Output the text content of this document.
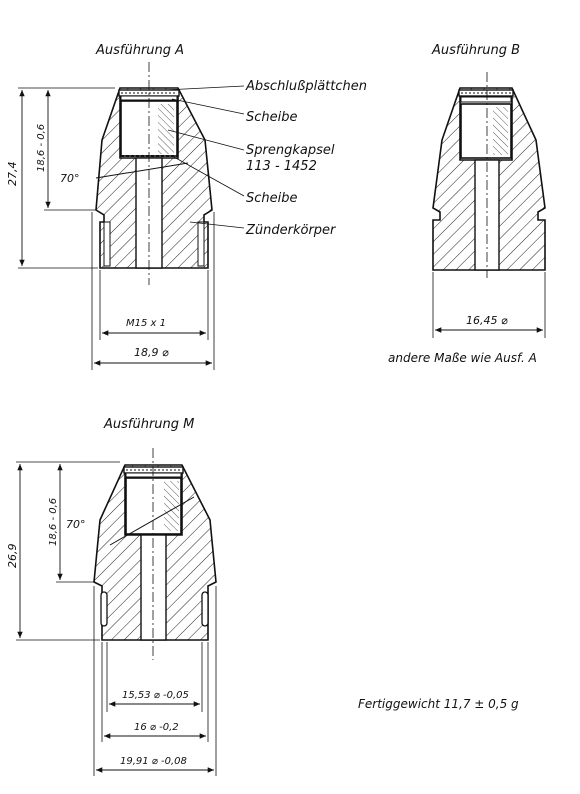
Ausführung A
Abschlußplättchen
Scheibe
Sprengkapsel
113 - 1452
Scheibe
Zünderkörper
70°
27,4
18,6 - 0,6
M15 x 1
18,9 ⌀
Ausführung B
16,45 ⌀
andere Maße wie Ausf. A
Ausführung M
70°
26,9
18,6 - 0,6
15,53 ⌀ -0,05
16 ⌀ -0,2
19,91 ⌀ -0,08
Fertiggewicht 11,7 ± 0,5 g
